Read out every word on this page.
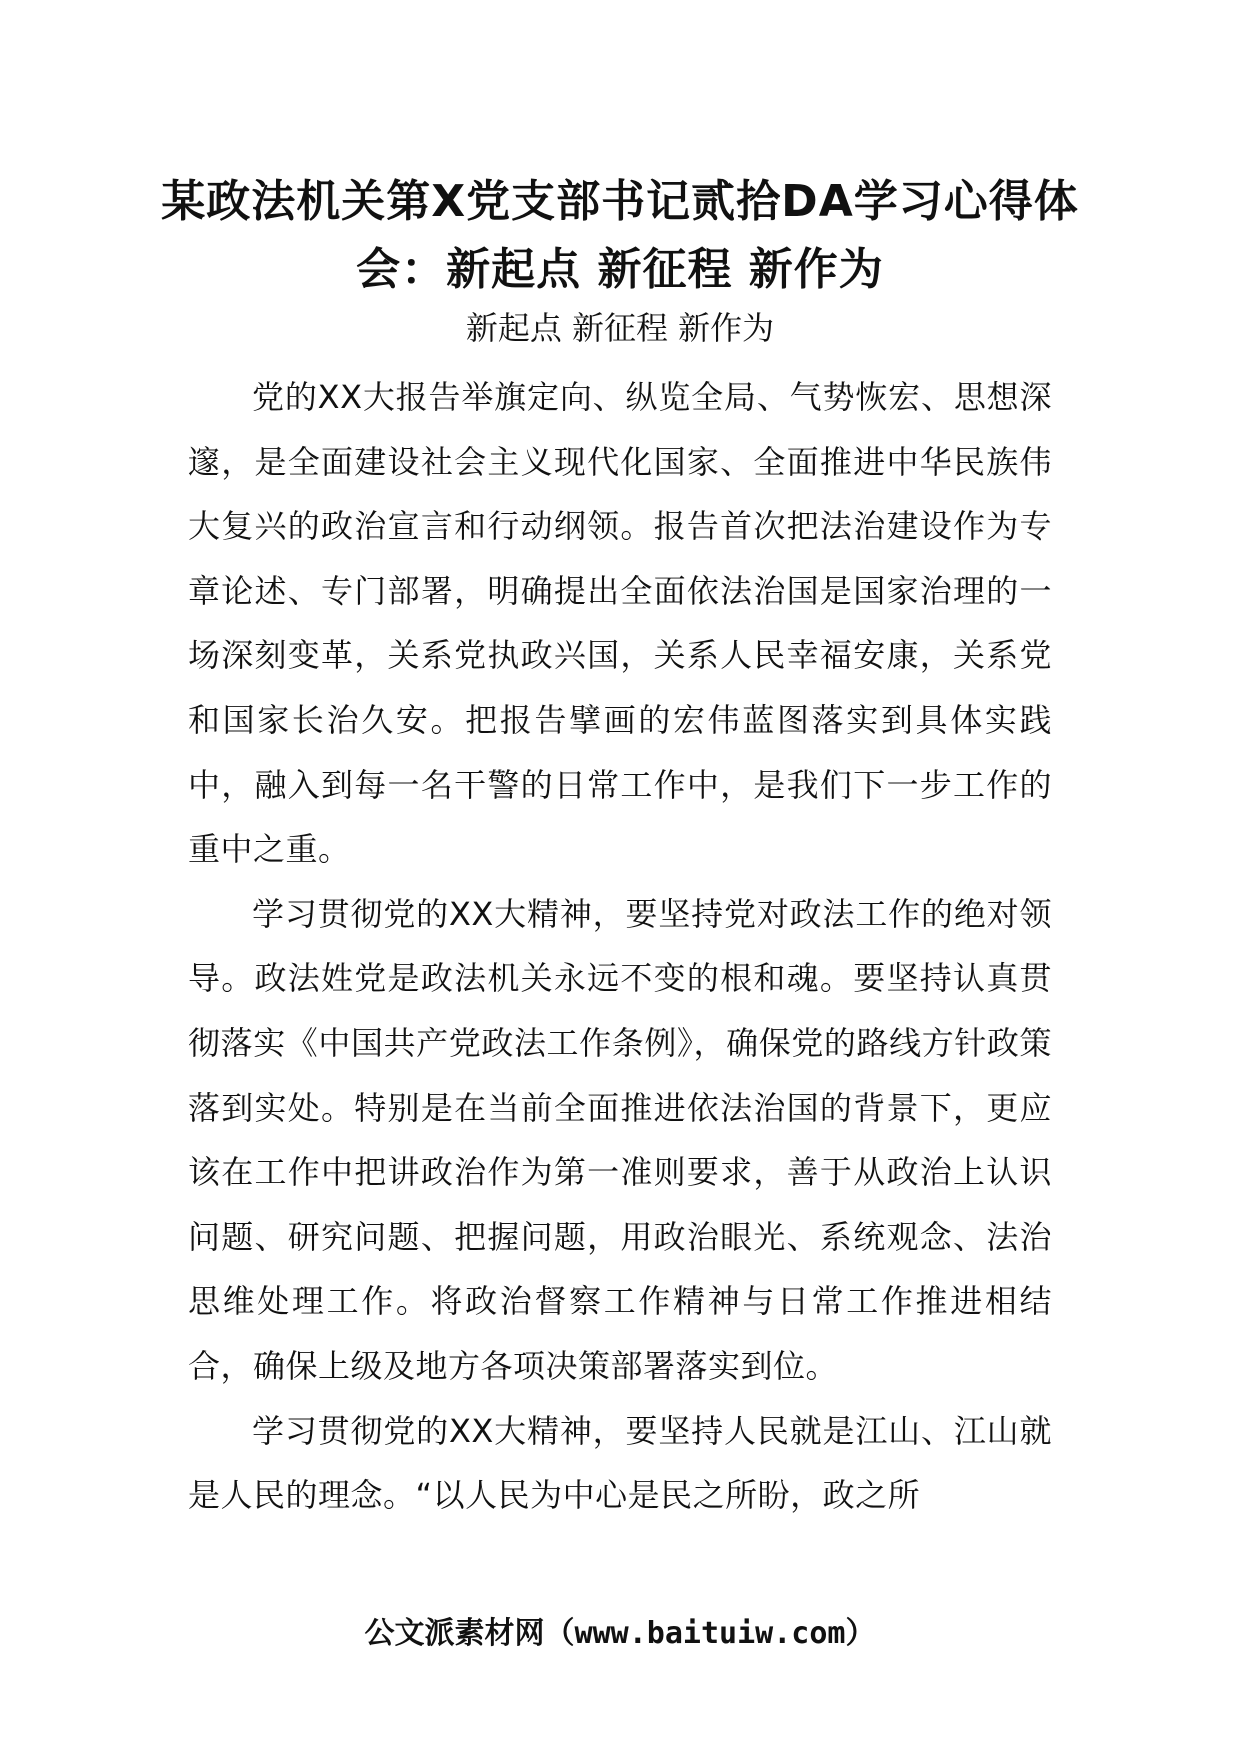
某政法机关第X党支部书记贰拾DA学习心得体会：新起点 新征程 新作为
新起点 新征程 新作为

党的XX大报告举旗定向、纵览全局、气势恢宏、思想深邃，是全面建设社会主义现代化国家、全面推进中华民族伟大复兴的政治宣言和行动纲领。报告首次把法治建设作为专章论述、专门部署，明确提出全面依法治国是国家治理的一场深刻变革，关系党执政兴国，关系人民幸福安康，关系党和国家长治久安。把报告擘画的宏伟蓝图落实到具体实践中，融入到每一名干警的日常工作中，是我们下一步工作的重中之重。

学习贯彻党的XX大精神，要坚持党对政法工作的绝对领导。政法姓党是政法机关永远不变的根和魂。要坚持认真贯彻落实《中国共产党政法工作条例》，确保党的路线方针政策落到实处。特别是在当前全面推进依法治国的背景下，更应该在工作中把讲政治作为第一准则要求，善于从政治上认识问题、研究问题、把握问题，用政治眼光、系统观念、法治思维处理工作。将政治督察工作精神与日常工作推进相结合，确保上级及地方各项决策部署落实到位。

学习贯彻党的XX大精神，要坚持人民就是江山、江山就是人民的理念。“以人民为中心是民之所盼，政之所

公文派素材网（www.baituiw.com）
